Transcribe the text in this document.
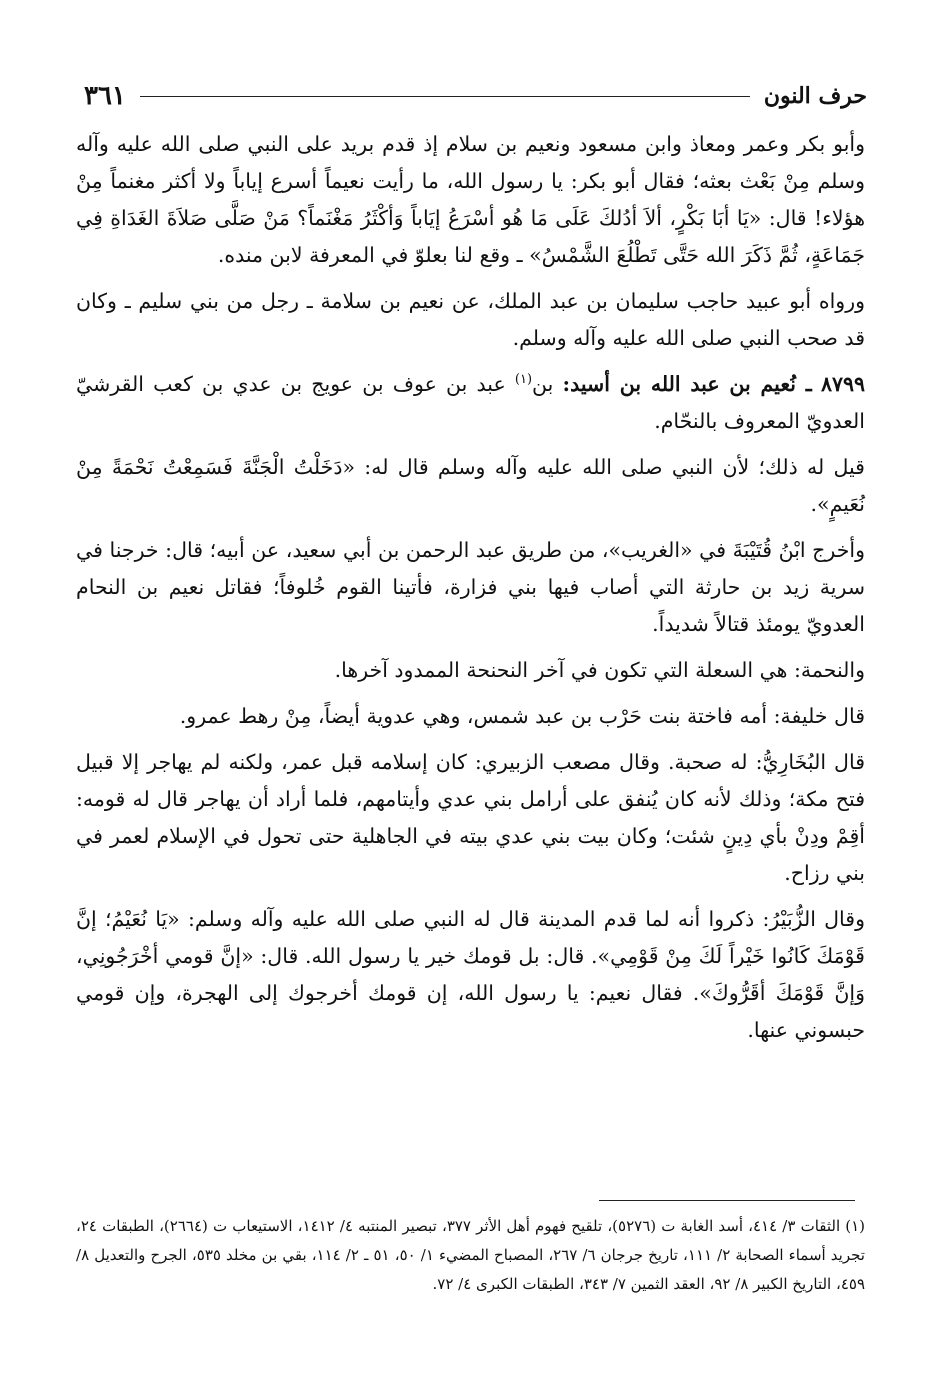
حرف النون
٣٦١

وأبو بكر وعمر ومعاذ وابن مسعود ونعيم بن سلام إذ قدم بريد على النبي صلى الله عليه وآله وسلم مِنْ بَعْث بعثه؛ فقال أبو بكر: يا رسول الله، ما رأيت نعيماً أسرع إياباً ولا أكثر مغنماً مِنْ هؤلاء! قال: «يَا أبَا بَكْرٍ، ألاَ أدُلكَ عَلَى مَا هُو أسْرَعُ إيَاباً وَأكْثَرُ مَغْنَماً؟ مَنْ صَلَّى صَلاَةَ الغَدَاةِ فِي جَمَاعَةٍ، ثُمَّ ذَكَرَ الله حَتَّى تَطْلُعَ الشَّمْسُ» ـ وقع لنا بعلوّ في المعرفة لابن منده.

ورواه أبو عبيد حاجب سليمان بن عبد الملك، عن نعيم بن سلامة ـ رجل من بني سليم ـ وكان قد صحب النبي صلى الله عليه وآله وسلم.

٨٧٩٩ ـ نُعيم بن عبد الله بن أسيد: بن$^{(١)}$ عبد بن عوف بن عويج بن عدي بن كعب القرشيّ العدويّ المعروف بالنحّام.

قيل له ذلك؛ لأن النبي صلى الله عليه وآله وسلم قال له: «دَخَلْتُ الْجَنَّةَ فَسَمِعْتُ نَحْمَةً مِنْ نُعَيمٍ».

وأخرج ابْنُ قُتَيْبَةَ في «الغريب»، من طريق عبد الرحمن بن أبي سعيد، عن أبيه؛ قال: خرجنا في سرية زيد بن حارثة التي أصاب فيها بني فزارة، فأتينا القوم خُلوفاً؛ فقاتل نعيم بن النحام العدويّ يومئذ قتالاً شديداً.

والنحمة: هي السعلة التي تكون في آخر النحنحة الممدود آخرها.

قال خليفة: أمه فاختة بنت حَرْب بن عبد شمس، وهي عدوية أيضاً، مِنْ رهط عمرو.

قال البُخَارِيُّ: له صحبة. وقال مصعب الزبيري: كان إسلامه قبل عمر، ولكنه لم يهاجر إلا قبيل فتح مكة؛ وذلك لأنه كان يُنفق على أرامل بني عدي وأيتامهم، فلما أراد أن يهاجر قال له قومه: أقِمْ ودِنْ بأي دِينٍ شئت؛ وكان بيت بني عدي بيته في الجاهلية حتى تحول في الإسلام لعمر في بني رزاح.

وقال الزُّبَيْرُ: ذكروا أنه لما قدم المدينة قال له النبي صلى الله عليه وآله وسلم: «يَا نُعَيْمُ؛ إنَّ قَوْمَكَ كَانُوا خَيْراً لَكَ مِنْ قَوْمِي». قال: بل قومك خير يا رسول الله. قال: «إنَّ قومي أخْرَجُونِي، وَإنَّ قَوْمَكَ أقَرُّوكَ». فقال نعيم: يا رسول الله، إن قومك أخرجوك إلى الهجرة، وإن قومي حبسوني عنها.

(١) الثقات ٣/ ٤١٤، أسد الغابة ت (٥٢٧٦)، تلقيح فهوم أهل الأثر ٣٧٧، تبصير المنتبه ٤/ ١٤١٢، الاستيعاب ت (٢٦٦٤)، الطبقات ٢٤، تجريد أسماء الصحابة ٢/ ١١١، تاريخ جرجان ٦/ ٢٦٧، المصباح المضيء ١/ ٥٠، ٥١ ـ ٢/ ١١٤، بقي بن مخلد ٥٣٥، الجرح والتعديل ٨/ ٤٥٩، التاريخ الكبير ٨/ ٩٢، العقد الثمين ٧/ ٣٤٣، الطبقات الكبرى ٤/ ٧٢.
